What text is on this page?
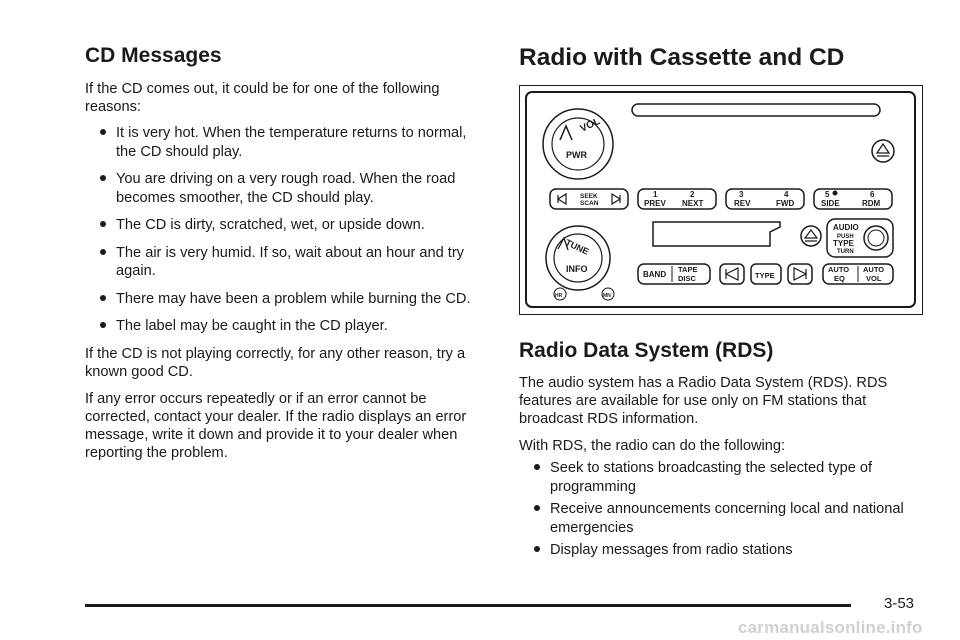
CD Messages

If the CD comes out, it could be for one of the following reasons:

It is very hot. When the temperature returns to normal, the CD should play.
You are driving on a very rough road. When the road becomes smoother, the CD should play.
The CD is dirty, scratched, wet, or upside down.
The air is very humid. If so, wait about an hour and try again.
There may have been a problem while burning the CD.
The label may be caught in the CD player.

If the CD is not playing correctly, for any other reason, try a known good CD.

If any error occurs repeatedly or if an error cannot be corrected, contact your dealer. If the radio displays an error message, write it down and provide it to your dealer when reporting the problem.

Radio with Cassette and CD
VOL
PWR
SEEK
SCAN
1
PREV
2
NEXT
3
REV
4
FWD
5
SIDE
6
RDM
TUNE
INFO
HR	MN
AUDIO
PUSH
TYPE
TURN
BAND
TAPE
DISC	TYPE
AUTO
EQ
AUTO
VOL
Radio Data System (RDS)

The audio system has a Radio Data System (RDS). RDS features are available for use only on FM stations that broadcast RDS information.

With RDS, the radio can do the following:

Seek to stations broadcasting the selected type of programming
Receive announcements concerning local and national emergencies
Display messages from radio stations
3-53
carmanualsonline.info
